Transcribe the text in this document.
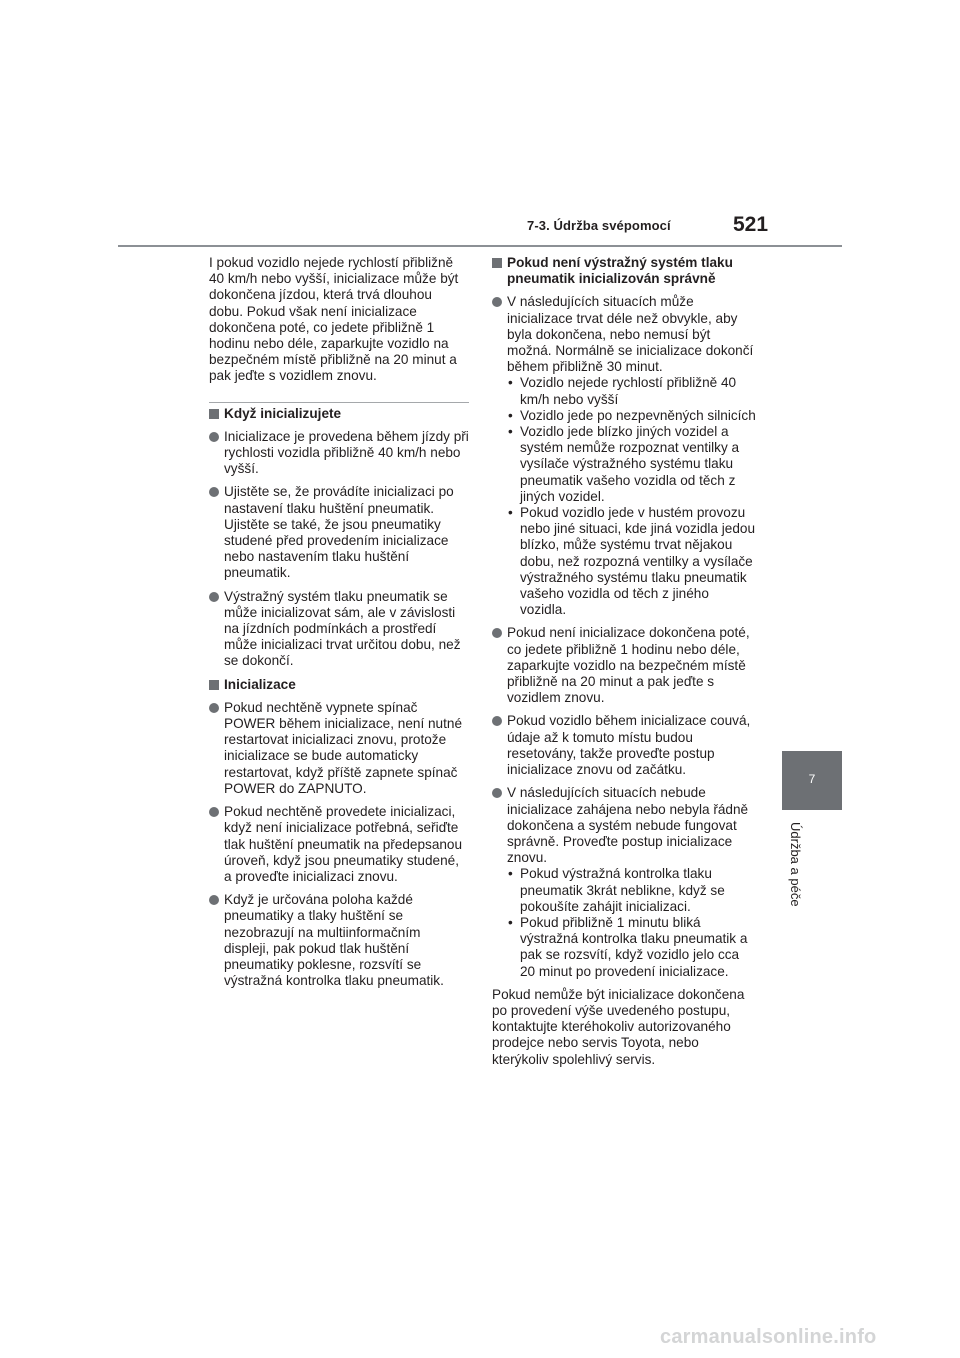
7-3. Údržba svépomocí	521
7
Údržba a péče

I pokud vozidlo nejede rychlostí přibližně 40 km/h nebo vyšší, inicializace může být dokončena jízdou, která trvá dlouhou dobu. Pokud však není inicializace dokončena poté, co jedete přibližně 1 hodinu nebo déle, zaparkujte vozidlo na bezpečném místě přibližně na 20 minut a pak jeďte s vozidlem znovu.

Když inicializujete

Inicializace je provedena během jízdy při rychlosti vozidla přibližně 40 km/h nebo vyšší.

Ujistěte se, že provádíte inicializaci po nastavení tlaku huštění pneumatik. Ujistěte se také, že jsou pneumatiky studené před provedením inicializace nebo nastavením tlaku huštění pneumatik.

Výstražný systém tlaku pneumatik se může inicializovat sám, ale v závislosti na jízdních podmínkách a prostředí může inicializaci trvat určitou dobu, než se dokončí.

Inicializace

Pokud nechtěně vypnete spínač POWER během inicializace, není nutné restartovat inicializaci znovu, protože inicializace se bude automaticky restartovat, když příště zapnete spínač POWER do ZAPNUTO.

Pokud nechtěně provedete inicializaci, když není inicializace potřebná, seřiďte tlak huštění pneumatik na předepsanou úroveň, když jsou pneumatiky studené, a proveďte inicializaci znovu.

Když je určována poloha každé pneumatiky a tlaky huštění se nezobrazují na multiinformačním displeji, pak pokud tlak huštění pneumatiky poklesne, rozsvítí se výstražná kontrolka tlaku pneumatik.

Pokud není výstražný systém tlaku pneumatik inicializován správně

V následujících situacích může inicializace trvat déle než obvykle, aby byla dokončena, nebo nemusí být možná. Normálně se inicializace dokončí během přibližně 30 minut.

• Vozidlo nejede rychlostí přibližně 40 km/h nebo vyšší
• Vozidlo jede po nezpevněných silnicích
• Vozidlo jede blízko jiných vozidel a systém nemůže rozpoznat ventilky a vysílače výstražného systému tlaku pneumatik vašeho vozidla od těch z jiných vozidel.
• Pokud vozidlo jede v hustém provozu nebo jiné situaci, kde jiná vozidla jedou blízko, může systému trvat nějakou dobu, než rozpozná ventilky a vysílače výstražného systému tlaku pneumatik vašeho vozidla od těch z jiného vozidla.

Pokud není inicializace dokončena poté, co jedete přibližně 1 hodinu nebo déle, zaparkujte vozidlo na bezpečném místě přibližně na 20 minut a pak jeďte s vozidlem znovu.

Pokud vozidlo během inicializace couvá, údaje až k tomuto místu budou resetovány, takže proveďte postup inicializace znovu od začátku.

V následujících situacích nebude inicializace zahájena nebo nebyla řádně dokončena a systém nebude fungovat správně. Proveďte postup inicializace znovu.

• Pokud výstražná kontrolka tlaku pneumatik 3krát neblikne, když se pokoušíte zahájit inicializaci.
• Pokud přibližně 1 minutu bliká výstražná kontrolka tlaku pneumatik a pak se rozsvítí, když vozidlo jelo cca 20 minut po provedení inicializace.

Pokud nemůže být inicializace dokončena po provedení výše uvedeného postupu, kontaktujte kteréhokoliv autorizovaného prodejce nebo servis Toyota, nebo kterýkoliv spolehlivý servis.

carmanualsonline.info
